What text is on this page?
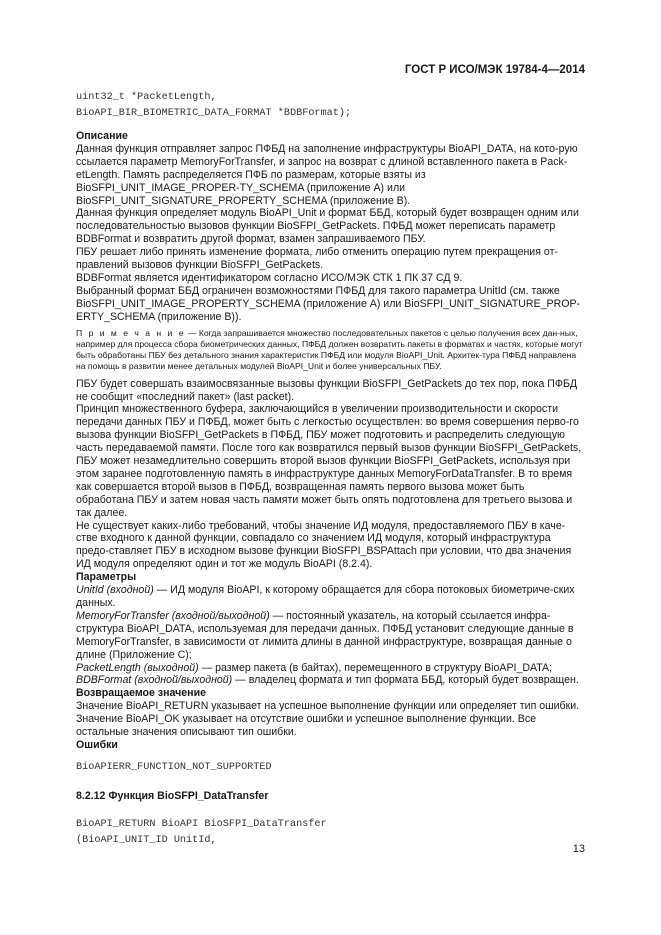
ГОСТ Р ИСО/МЭК 19784-4—2014
uint32_t *PacketLength,
BioAPI_BIR_BIOMETRIC_DATA_FORMAT *BDBFormat);

Описание

Данная функция отправляет запрос ПФБД на заполнение инфраструктуры BioAPI_DATA, на кото-рую ссылается параметр MemoryForTransfer, и запрос на возврат с длиной вставленного пакета в Pack-etLength. Память распределяется ПФБ по размерам, которые взяты из BioSFPI_UNIT_IMAGE_PROPER-TY_SCHEMA (приложение А) или BioSFPI_UNIT_SIGNATURE_PROPERTY_SCHEMA (приложение В).

Данная функция определяет модуль BioAPI_Unit и формат ББД, который будет возвращен одним или последовательностью вызовов функции BioSFPI_GetPackets. ПФБД может переписать параметр BDBFormat и возвратить другой формат, взамен запрашиваемого ПБУ.

ПБУ решает либо принять изменение формата, либо отменить операцию путем прекращения от-правлений вызовов функции BioSFPI_GetPackets.

BDBFormat является идентификатором согласно ИСО/МЭК СТК 1 ПК 37 СД 9.

Выбранный формат ББД ограничен возможностями ПФБД для такого параметра UnitId (см. также BioSFPI_UNIT_IMAGE_PROPERTY_SCHEMA (приложение А) или BioSFPI_UNIT_SIGNATURE_PROP-ERTY_SCHEMA (приложение В)).

П р и м е ч а н и е — Когда запрашивается множество последовательных пакетов с целью получения всех дан-ных, например для процесса сбора биометрических данных, ПФБД должен возвратить пакеты в форматах и частях, которые могут быть обработаны ПБУ без детального знания характеристик ПФБД или модуля BioAPI_Unit. Архитек-тура ПФБД направлена на помощь в развитии менее детальных модулей BioAPI_Unit и более универсальных ПБУ.

ПБУ будет совершать взаимосвязанные вызовы функции BioSFPI_GetPackets до тех пор, пока ПФБД не сообщит «последний пакет» (last packet).

Принцип множественного буфера, заключающийся в увеличении производительности и скорости передачи данных ПБУ и ПФБД, может быть с легкостью осуществлен: во время совершения перво-го вызова функции BioSFPI_GetPackets в ПФБД, ПБУ может подготовить и распределить следующую часть передаваемой памяти. После того как возвратился первый вызов функции BioSFPI_GetPackets, ПБУ может незамедлительно совершить второй вызов функции BioSFPI_GetPackets, используя при этом заранее подготовленную память в инфраструктуре данных MemoryForDataTransfer. В то время как совершается второй вызов в ПФБД, возвращенная память первого вызова может быть обработана ПБУ и затем новая часть памяти может быть опять подготовлена для третьего вызова и так далее.

Не существует каких-либо требований, чтобы значение ИД модуля, предоставляемого ПБУ в каче-стве входного к данной функции, совпадало со значением ИД модуля, который инфраструктура предо-ставляет ПБУ в исходном вызове функции BioSFPI_BSPAttach при условии, что два значения ИД модуля определяют один и тот же модуль BioAPI (8.2.4).

Параметры

UnitId (входной) — ИД модуля BioAPI, к которому обращается для сбора потоковых биометриче-ских данных.

MemoryForTransfer (входной/выходной) — постоянный указатель, на который ссылается инфра-структура BioAPI_DATA, используемая для передачи данных. ПФБД установит следующие данные в MemoryForTransfer, в зависимости от лимита длины в данной инфраструктуре, возвращая данные о длине (Приложение С);

PacketLength (выходной) — размер пакета (в байтах), перемещенного в структуру BioAPI_DATA;

BDBFormat (входной/выходной) — владелец формата и тип формата ББД, который будет возвращен.

Возвращаемое значение

Значение BioAPI_RETURN указывает на успешное выполнение функции или определяет тип ошибки. Значение BioAPI_OK указывает на отсутствие ошибки и успешное выполнение функции. Все остальные значения описывают тип ошибки.

Ошибки

BioAPIERR_FUNCTION_NOT_SUPPORTED

8.2.12 Функция BioSFPI_DataTransfer

BioAPI_RETURN BioAPI BioSFPI_DataTransfer
(BioAPI_UNIT_ID UnitId,
13
